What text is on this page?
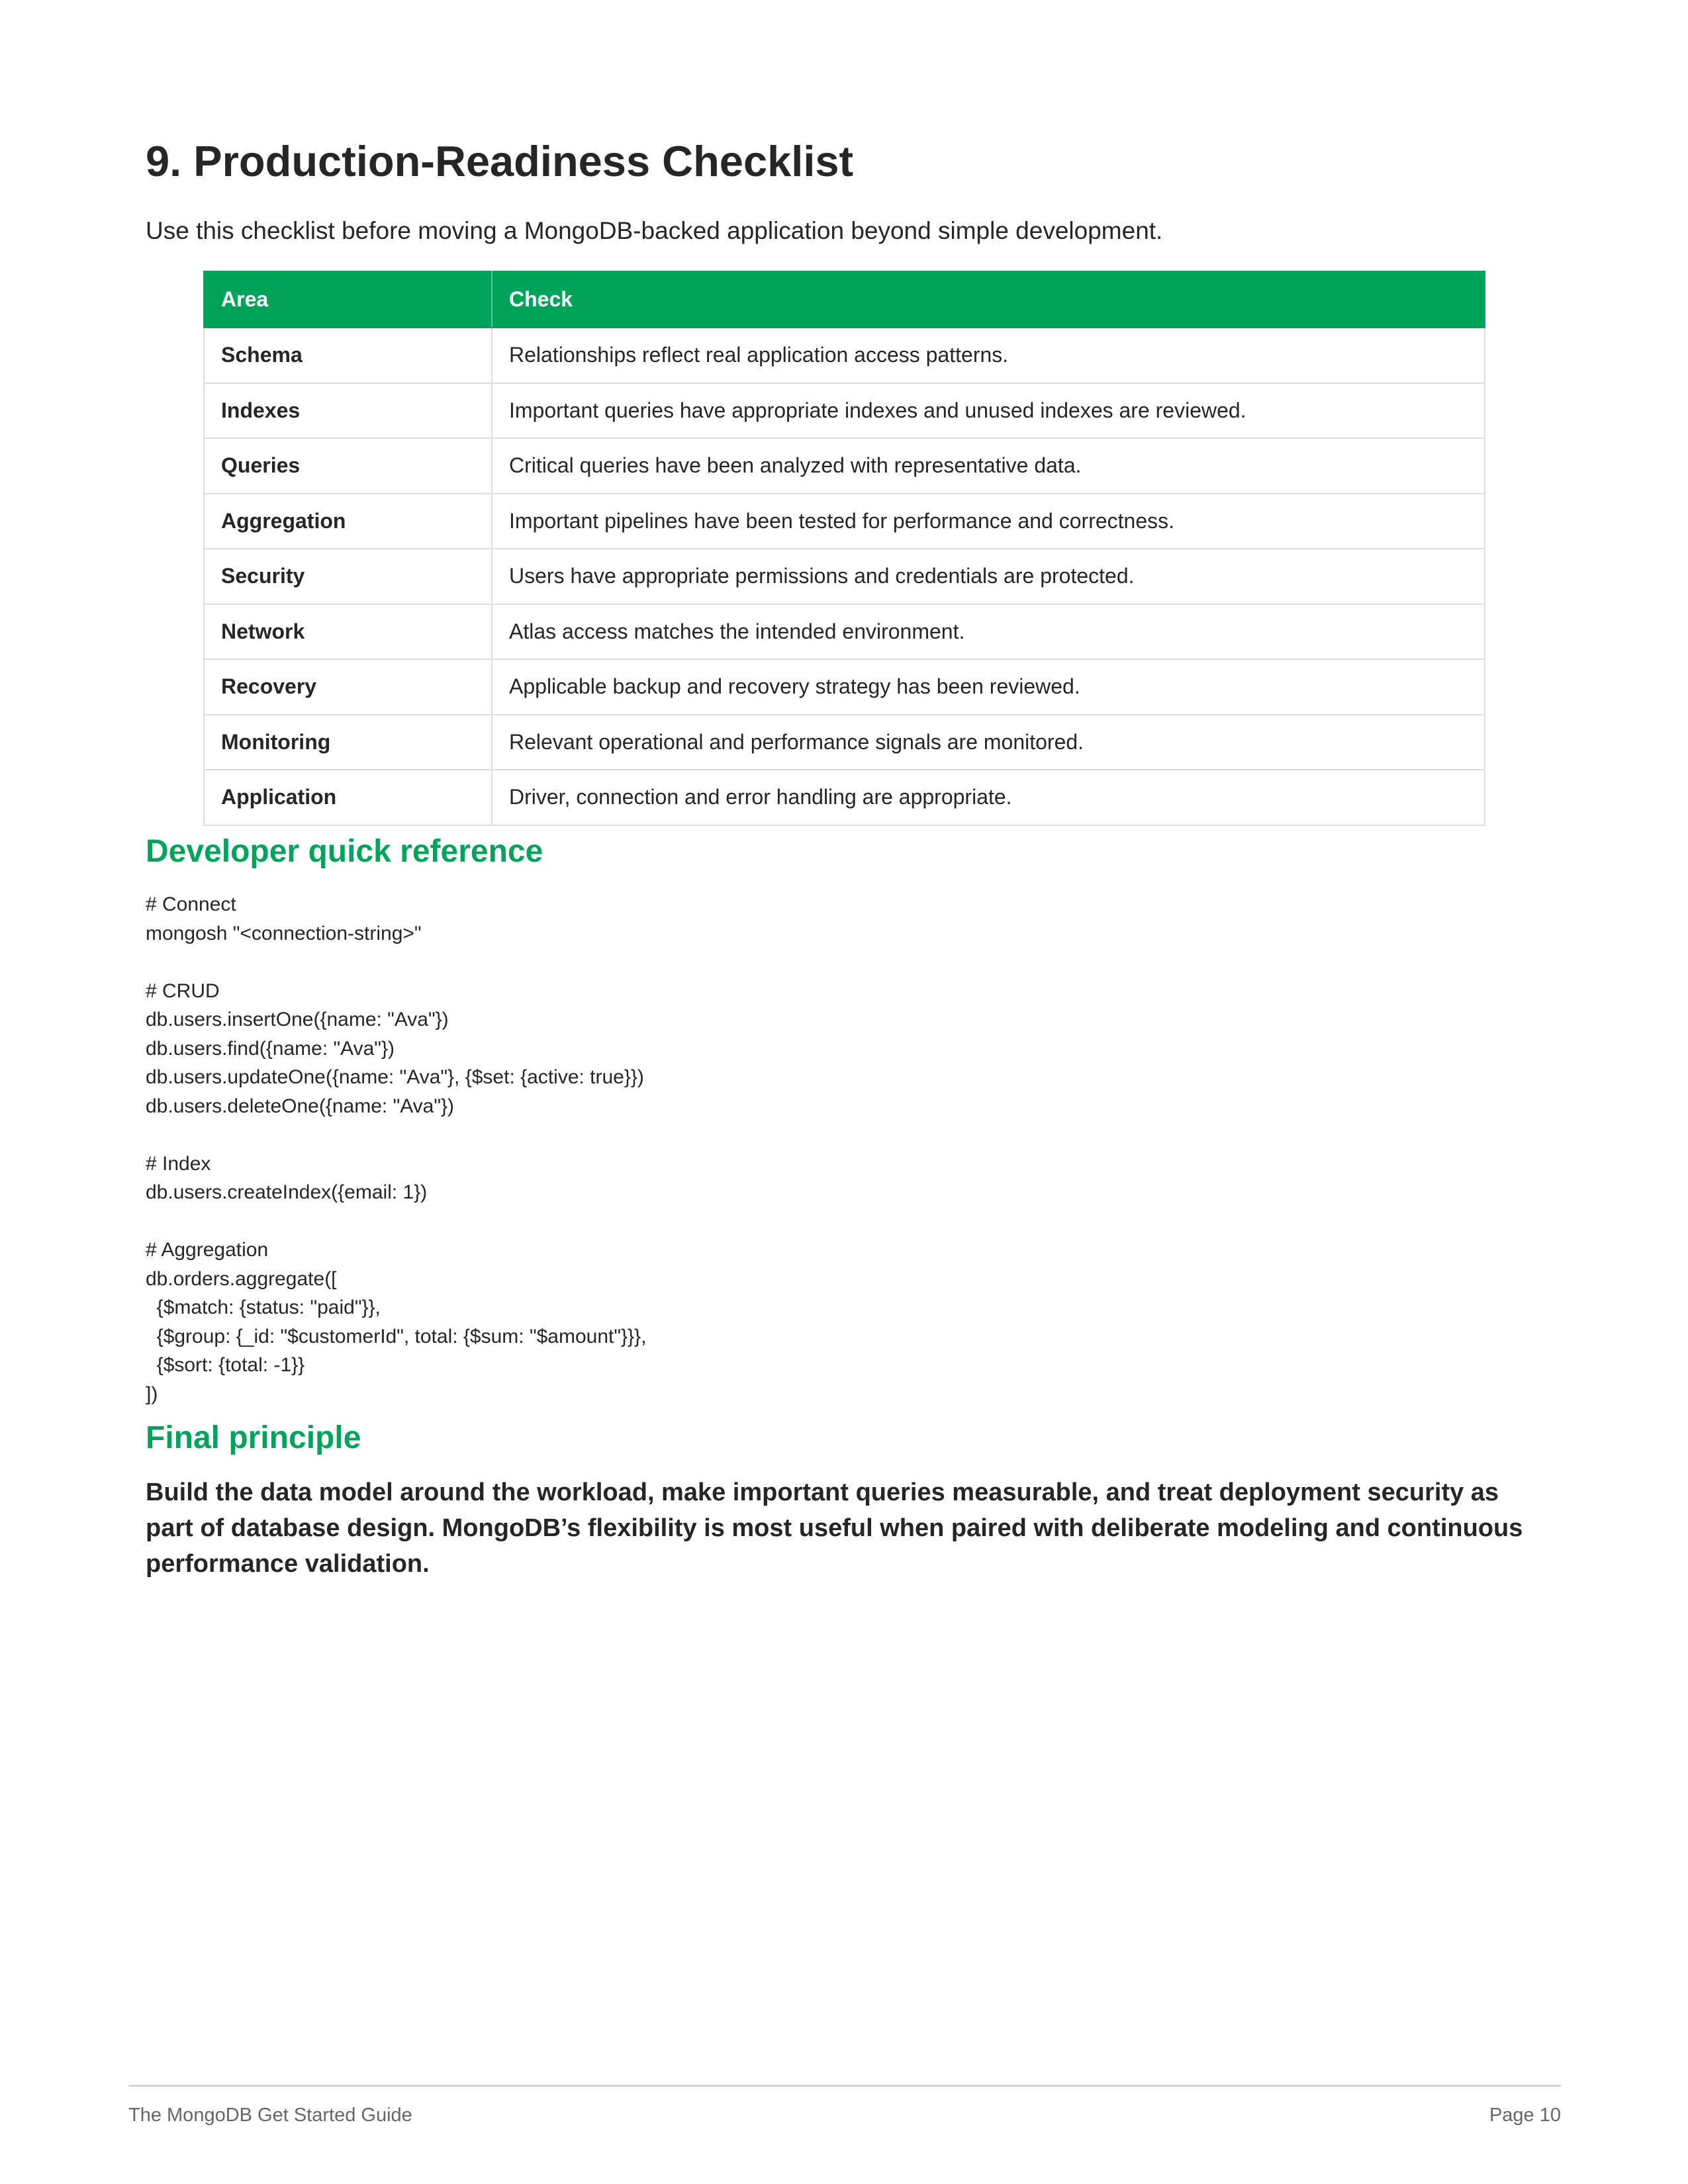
9. Production-Readiness Checklist

Use this checklist before moving a MongoDB-backed application beyond simple development.

Area	Check
Schema	Relationships reflect real application access patterns.
Indexes	Important queries have appropriate indexes and unused indexes are reviewed.
Queries	Critical queries have been analyzed with representative data.
Aggregation	Important pipelines have been tested for performance and correctness.
Security	Users have appropriate permissions and credentials are protected.
Network	Atlas access matches the intended environment.
Recovery	Applicable backup and recovery strategy has been reviewed.
Monitoring	Relevant operational and performance signals are monitored.
Application	Driver, connection and error handling are appropriate.
Developer quick reference
# Connect
mongosh "<connection-string>"

# CRUD
db.users.insertOne({name: "Ava"})
db.users.find({name: "Ava"})
db.users.updateOne({name: "Ava"}, {$set: {active: true}})
db.users.deleteOne({name: "Ava"})

# Index
db.users.createIndex({email: 1})

# Aggregation
db.orders.aggregate([
{$match: {status: "paid"}},
{$group: {_id: "$customerId", total: {$sum: "$amount"}}},
{$sort: {total: -1}}
])
Final principle

Build the data model around the workload, make important queries measurable, and treat deployment security as part of database design. MongoDB’s flexibility is most useful when paired with deliberate modeling and continuous performance validation.

The MongoDB Get Started Guide	Page 10
